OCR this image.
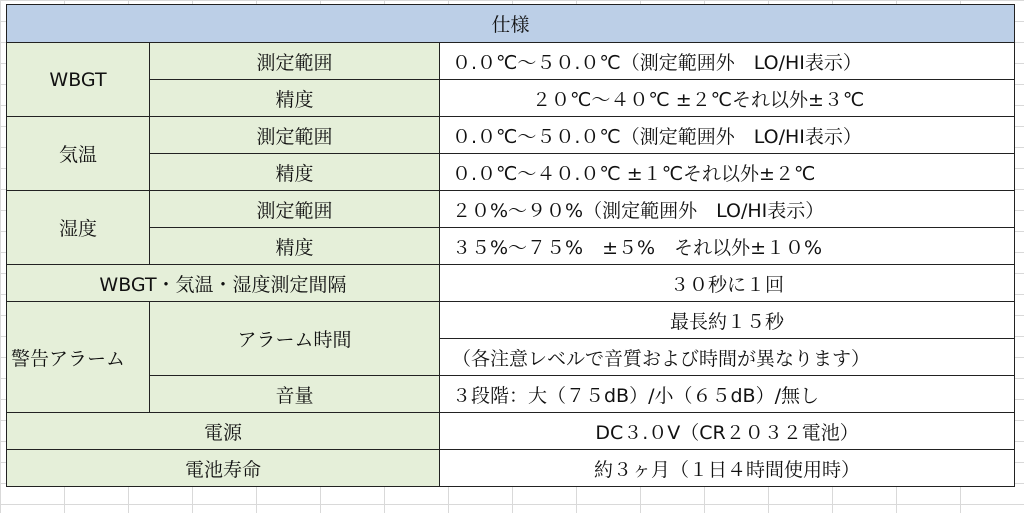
仕様		
WBGT	測定範囲	０.０℃～５０.０℃（測定範囲外　LO/HI表示）
	精度	２０℃～４０℃ ±２℃それ以外±３℃
気温	測定範囲	０.０℃～５０.０℃（測定範囲外　LO/HI表示）
	精度	０.０℃～４０.０℃ ±１℃それ以外±２℃
湿度	測定範囲	２０%～９０%（測定範囲外　LO/HI表示）
	精度	３５%～７５%　±５%　それ以外±１０%
WBGT・気温・湿度測定間隔		３０秒に１回
警告アラーム	アラーム時間	最長約１５秒
		（各注意レベルで音質および時間が異なります）
	音量	３段階：大（７５dB）/小（６５dB）/無し
電源		DC３.０V（CR２０３２電池）
電池寿命		約３ヶ月（１日４時間使用時）
